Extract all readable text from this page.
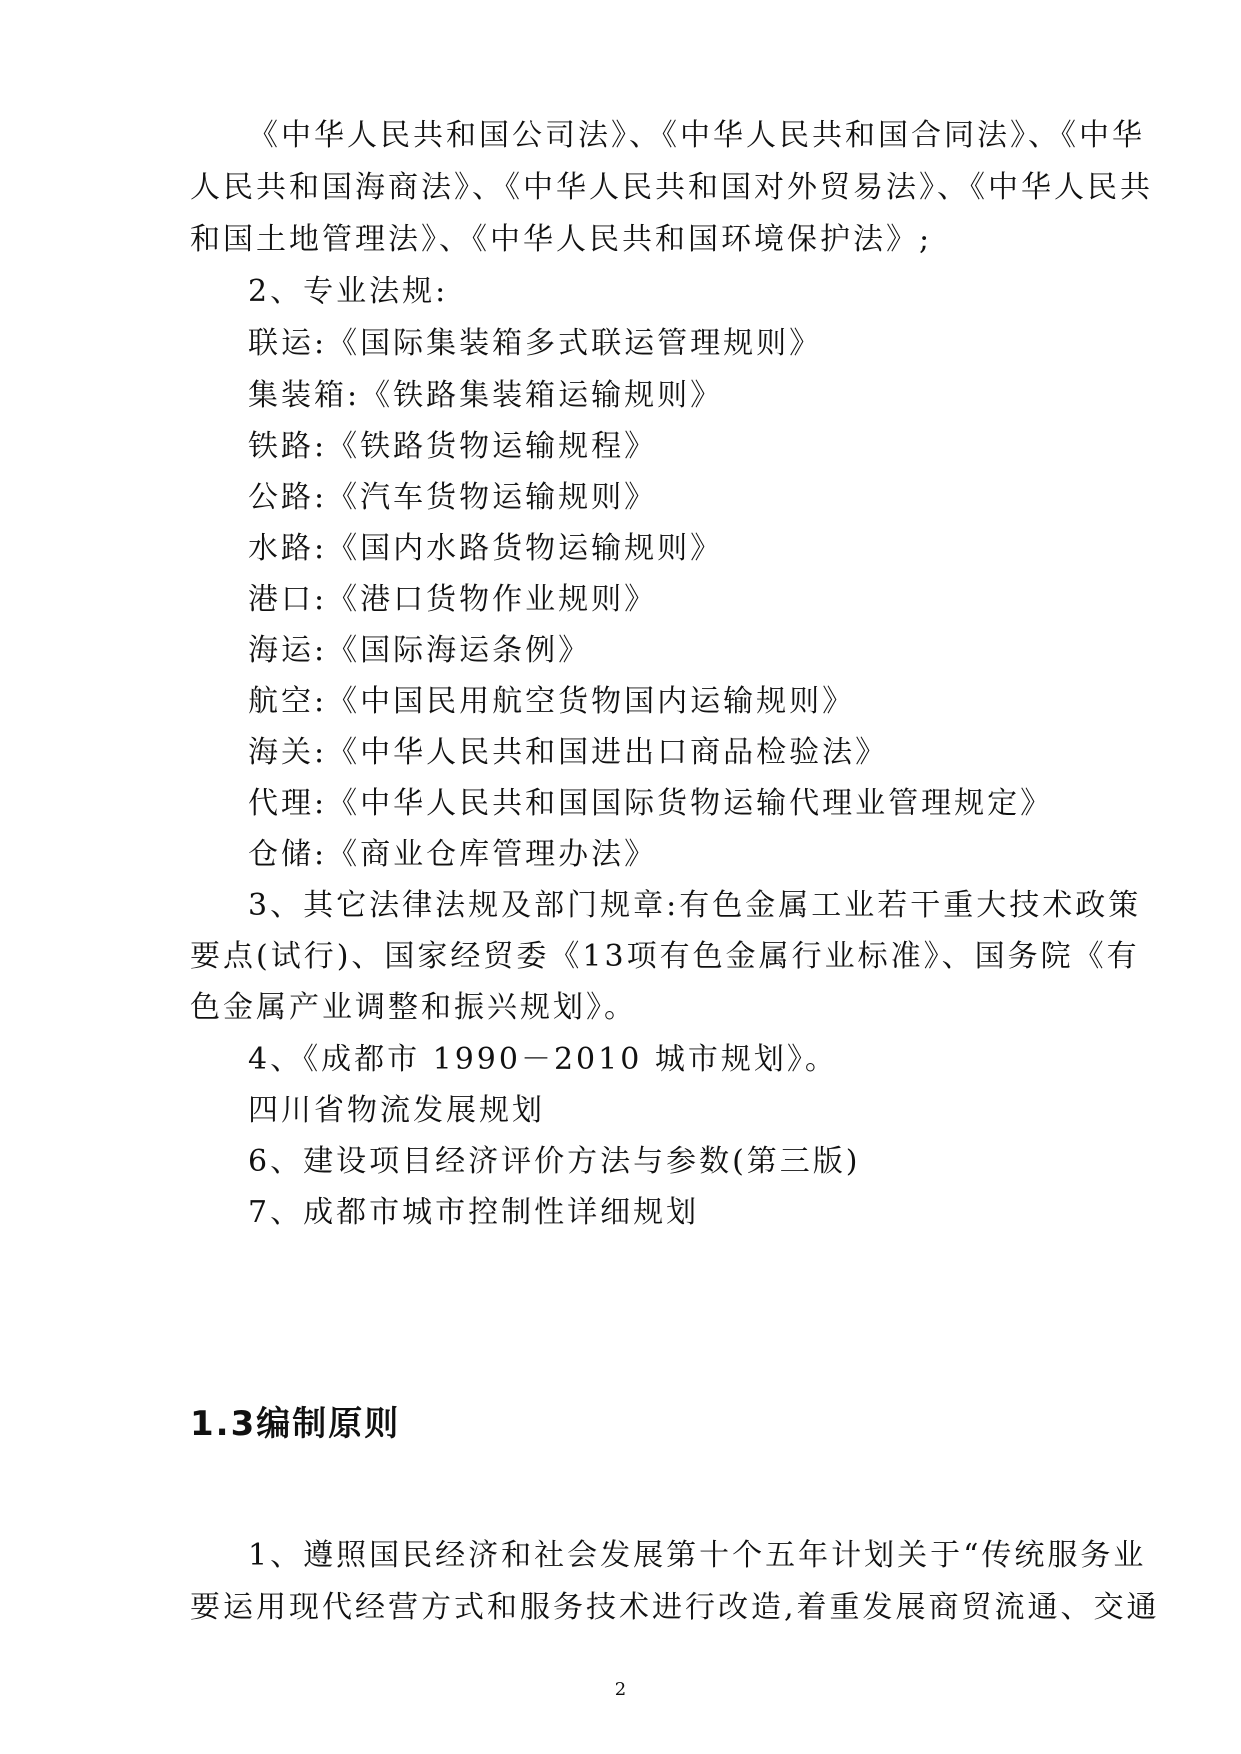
《中华人民共和国公司法》、《中华人民共和国合同法》、《中华
人民共和国海商法》、《中华人民共和国对外贸易法》、《中华人民共
和国土地管理法》、《中华人民共和国环境保护法》;
2、专业法规:
联运:《国际集装箱多式联运管理规则》
集装箱:《铁路集装箱运输规则》
铁路:《铁路货物运输规程》
公路:《汽车货物运输规则》
水路:《国内水路货物运输规则》
港口:《港口货物作业规则》
海运:《国际海运条例》
航空:《中国民用航空货物国内运输规则》
海关:《中华人民共和国进出口商品检验法》
代理:《中华人民共和国国际货物运输代理业管理规定》
仓储:《商业仓库管理办法》
3、其它法律法规及部门规章:有色金属工业若干重大技术政策
要点(试行)、国家经贸委《13项有色金属行业标准》、国务院《有
色金属产业调整和振兴规划》。
4、《成都市 1990－2010 城市规划》。
四川省物流发展规划
6、建设项目经济评价方法与参数(第三版)
7、成都市城市控制性详细规划
1.3编制原则
1、遵照国民经济和社会发展第十个五年计划关于“传统服务业
要运用现代经营方式和服务技术进行改造,着重发展商贸流通、交通
2
